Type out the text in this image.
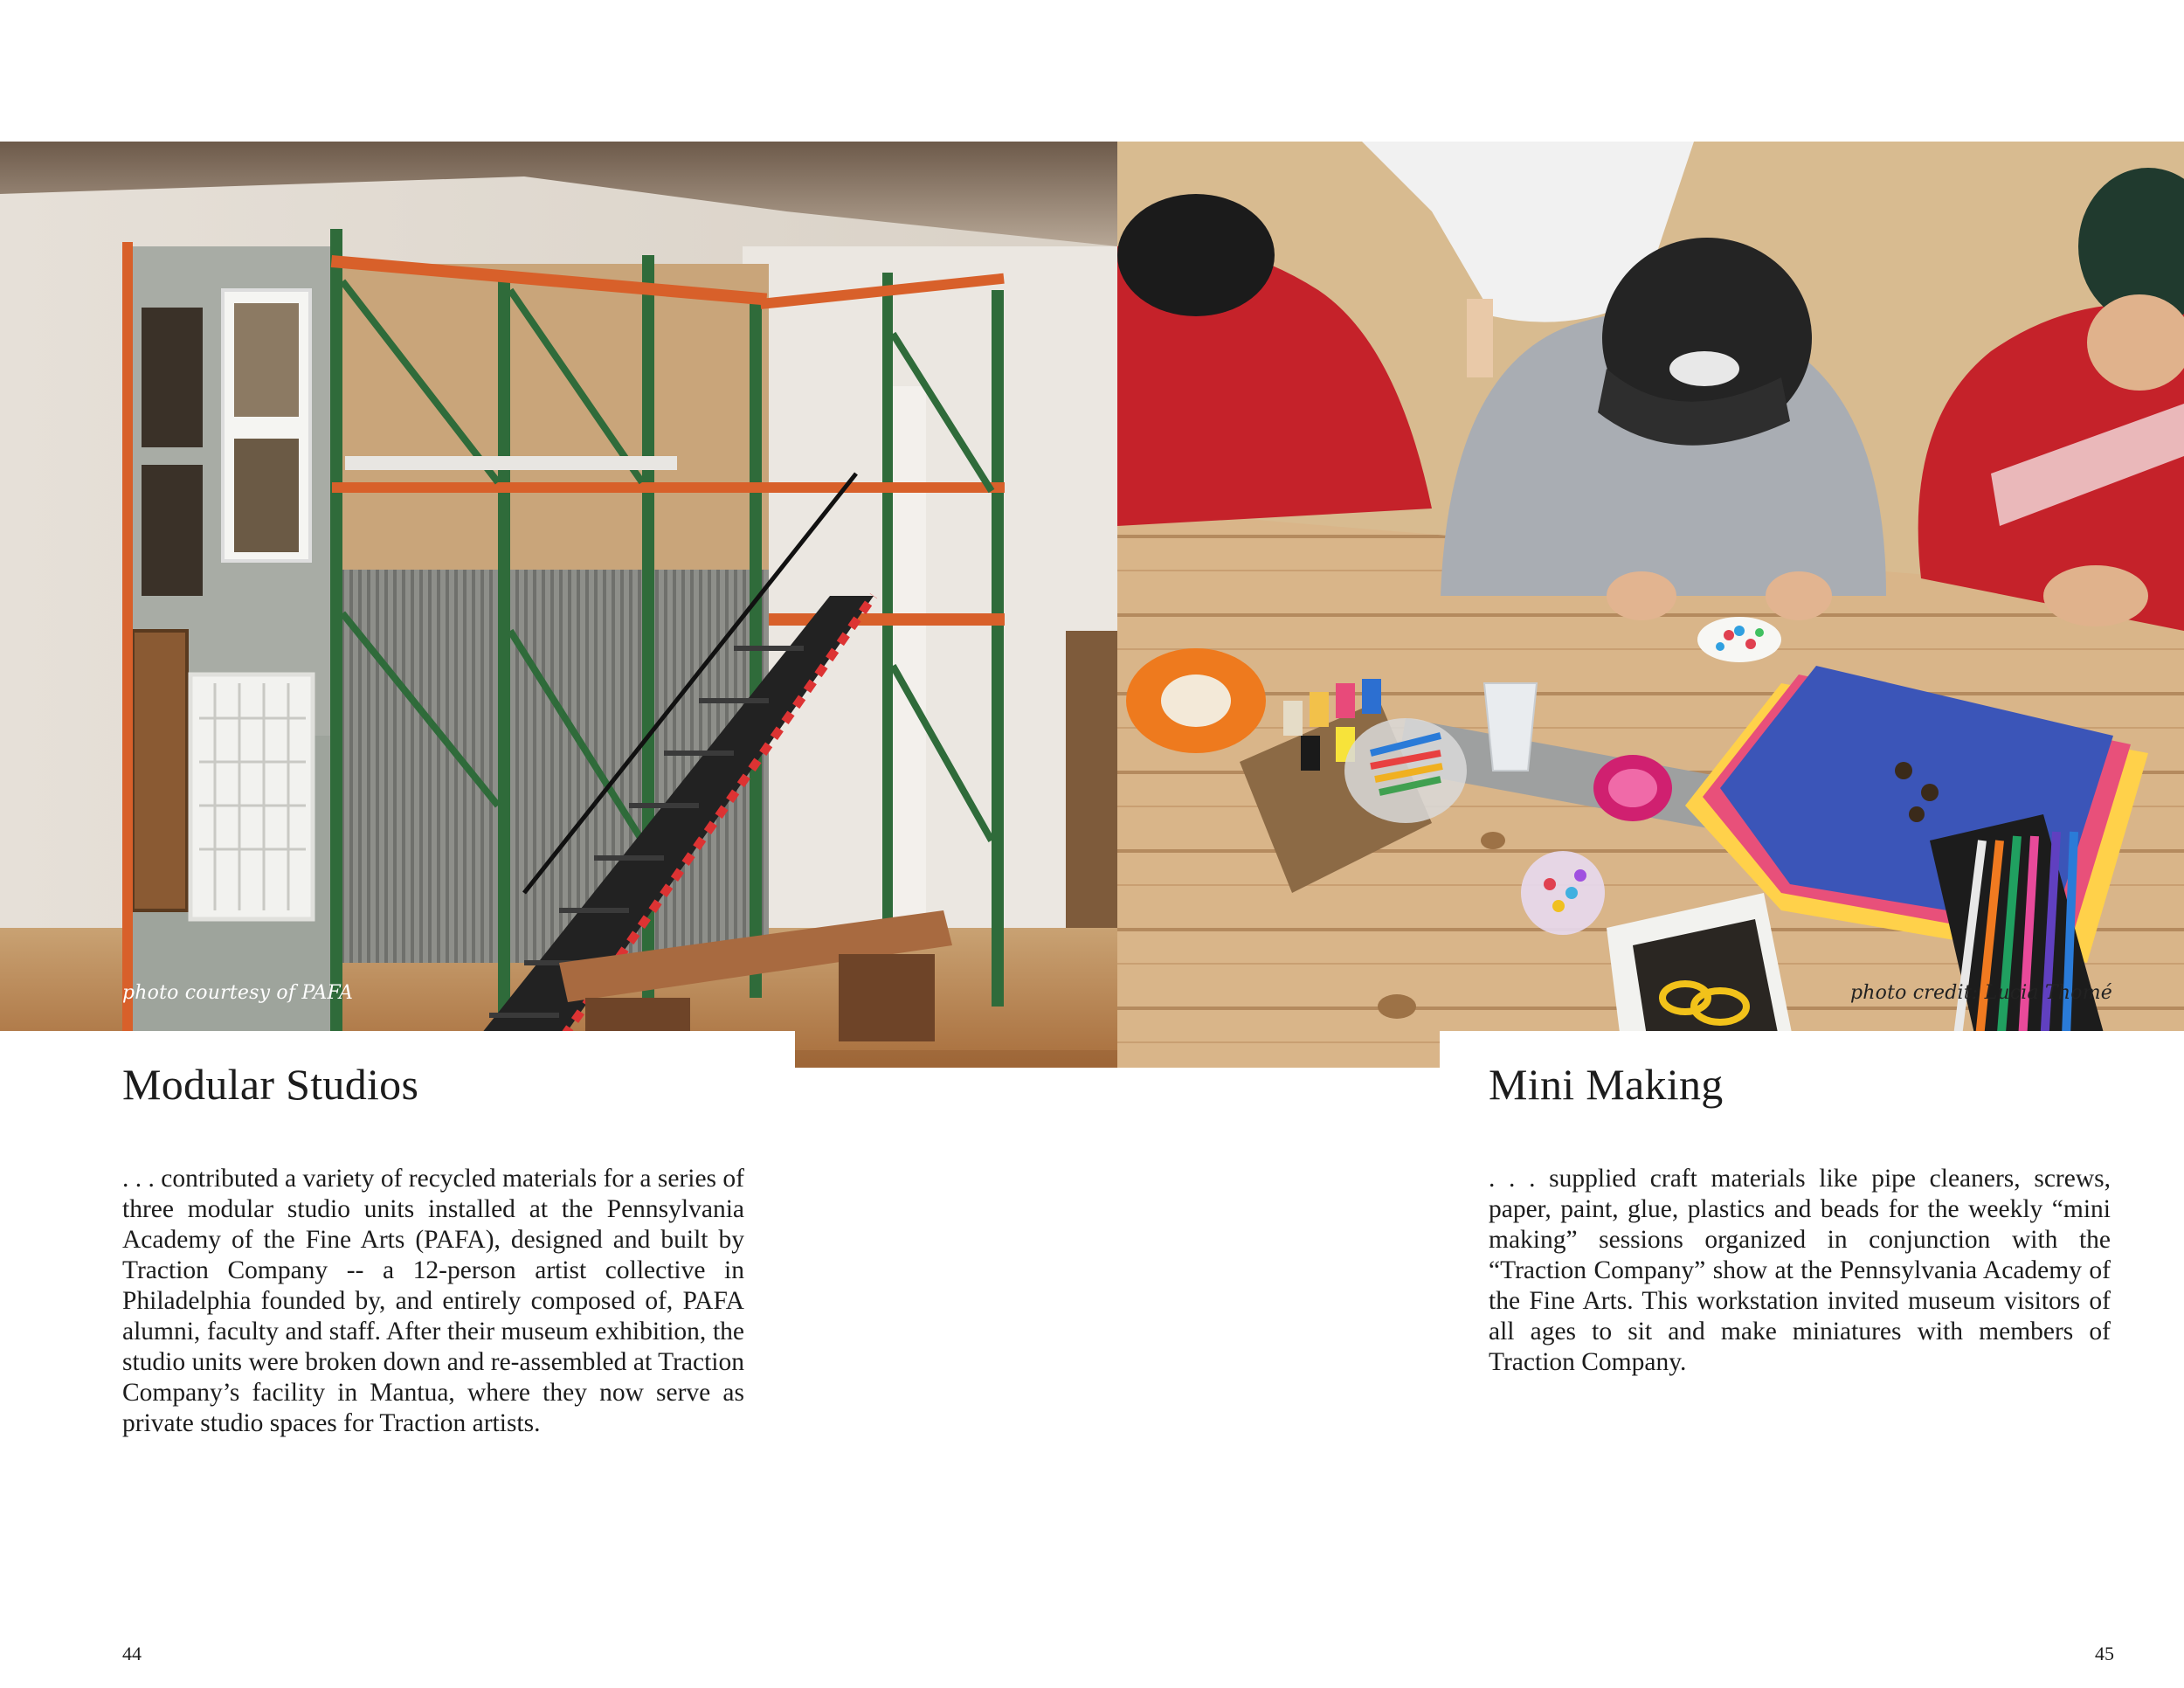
photo courtesy of PAFA	photo credit: Lucia Thomé
Modular Studios	Mini Making

. . . contributed a variety of recycled materials for a series of three modular studio units installed at the Pennsylvania Academy of the Fine Arts (PAFA), designed and built by Traction Company -- a 12-person artist collective in Philadelphia founded by, and entirely composed of, PAFA alumni, faculty and staff. After their museum exhibition, the studio units were broken down and re-assembled at Traction Company’s facility in Mantua, where they now serve as private studio spaces for Traction artists.

. . . supplied craft materials like pipe cleaners, screws, paper, paint, glue, plastics and beads for the weekly “mini making” sessions organized in conjunction with the “Traction Company” show at the Pennsylvania Academy of the Fine Arts. This workstation invited museum visitors of all ages to sit and make miniatures with members of Traction Company.

44	45
